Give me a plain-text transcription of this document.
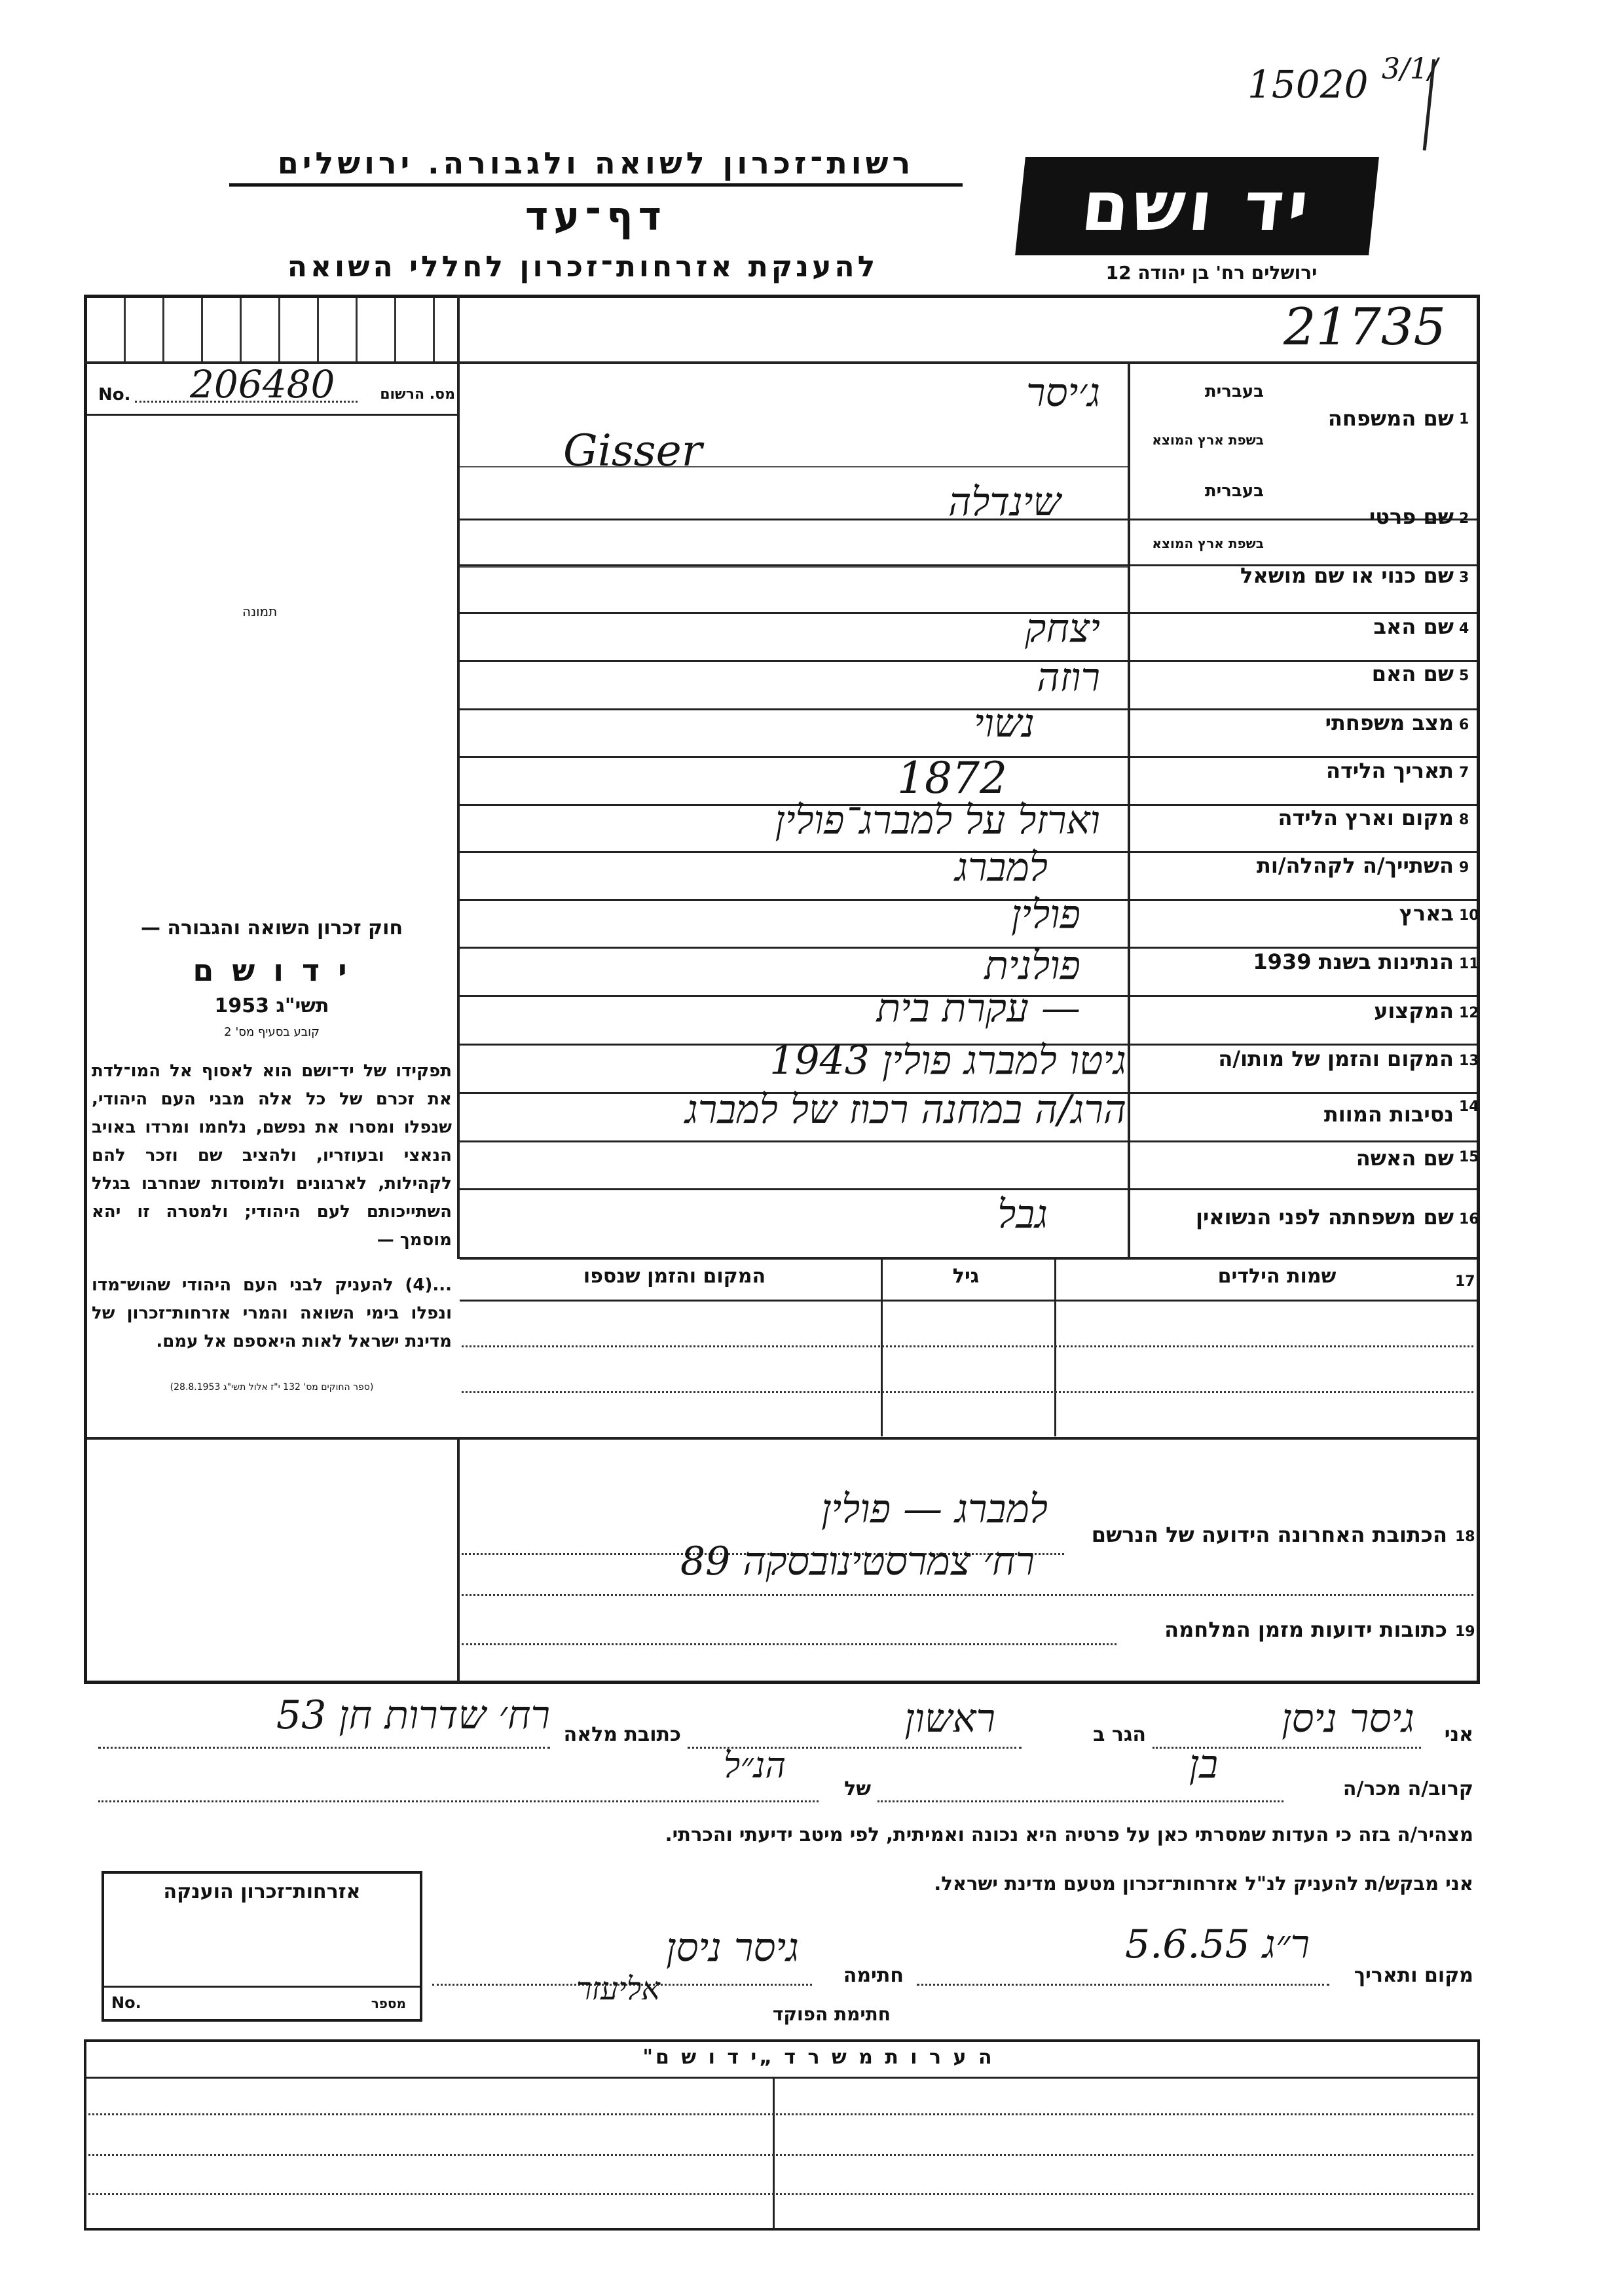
15020 3/1/
רשות־זכרון לשואה ולגבורה. ירושלים
דף־עד
להענקת אזרחות־זכרון לחללי השואה
יד ושם
ירושלים רח' בן יהודה 12
21735
No. 206480	מס. הרשום
תמונה

חוק זכרון השואה והגבורה —

י ד ו ש ם

תשי"ג 1953

קובע בסעיף מס' 2

תפקידו של יד־ושם הוא לאסוף אל המו־לדת את זכרם של כל אלה מבני העם היהודי, שנפלו ומסרו את נפשם, נלחמו ומרדו באויב הנאצי ובעוזריו, ולהציב שם וזכר להם לקהילות, לארגונים ולמוסדות שנחרבו בגלל השתייכותם לעם היהודי; ולמטרה זו יהא מוסמך —

...(4) להעניק לבני העם היהודי שהוש־מדו ונפלו בימי השואה והמרי אזרחות־זכרון של מדינת ישראל לאות היאספם אל עמם.

(ספר החוקים מס' 132 י"ז אלול תשי"ג 28.8.1953)

1
בעברית
שם המשפחה
בשפת ארץ המוצא
ג׳יסר
Gisser
2
בעברית
שם פרטי
בשפת ארץ המוצא
שינדלה
3
שם כנוי או שם מושאל
4
שם האב
יצחק
5
שם האם
רוזה
6
מצב משפחתי
נשוי
7
תאריך הלידה
1872
8
מקום וארץ הלידה
וארזל על למברג־פולין
9
השתייך/ה לקהלה/ות
למברג
10
בארץ
פולין
11
הנתינות בשנת 1939
פולנית
12
המקצוע
— עקרת בית
13
המקום והזמן של מותו/ה
גיטו למברג פולין 1943
14
נסיבות המוות
הרג/ה במחנה רכוז של למברג
15
שם האשה
16
שם משפחתה לפני הנשואין
גבל
17
שמות הילדים
גיל
המקום והזמן שנספו
18
הכתובת האחרונה הידועה של הנרשם
למברג — פולין
רח׳ צמרסטינובסקה 89
19
כתובות ידועות מזמן המלחמה
אני
גיסר ניסן
הגר ב
ראשון
כתובת מלאה
רח׳ שדרות חן 53
קרוב/ה מכר/ה
בן
של
הנ״ל
מצהיר/ה בזה כי העדות שמסרתי כאן על פרטיה היא נכונה ואמיתית, לפי מיטב ידיעתי והכרתי.
אני מבקש/ת להעניק לנ"ל אזרחות־זכרון מטעם מדינת ישראל.
אזרחות־זכרון הוענקה
No.	מספר
מקום ותאריך
ר״ג 5.6.55
חתימה
גיסר ניסן
חתימת הפוקד
אליעזר
ה ע ר ו ת מ ש ר ד „י ד ו ש ם"
